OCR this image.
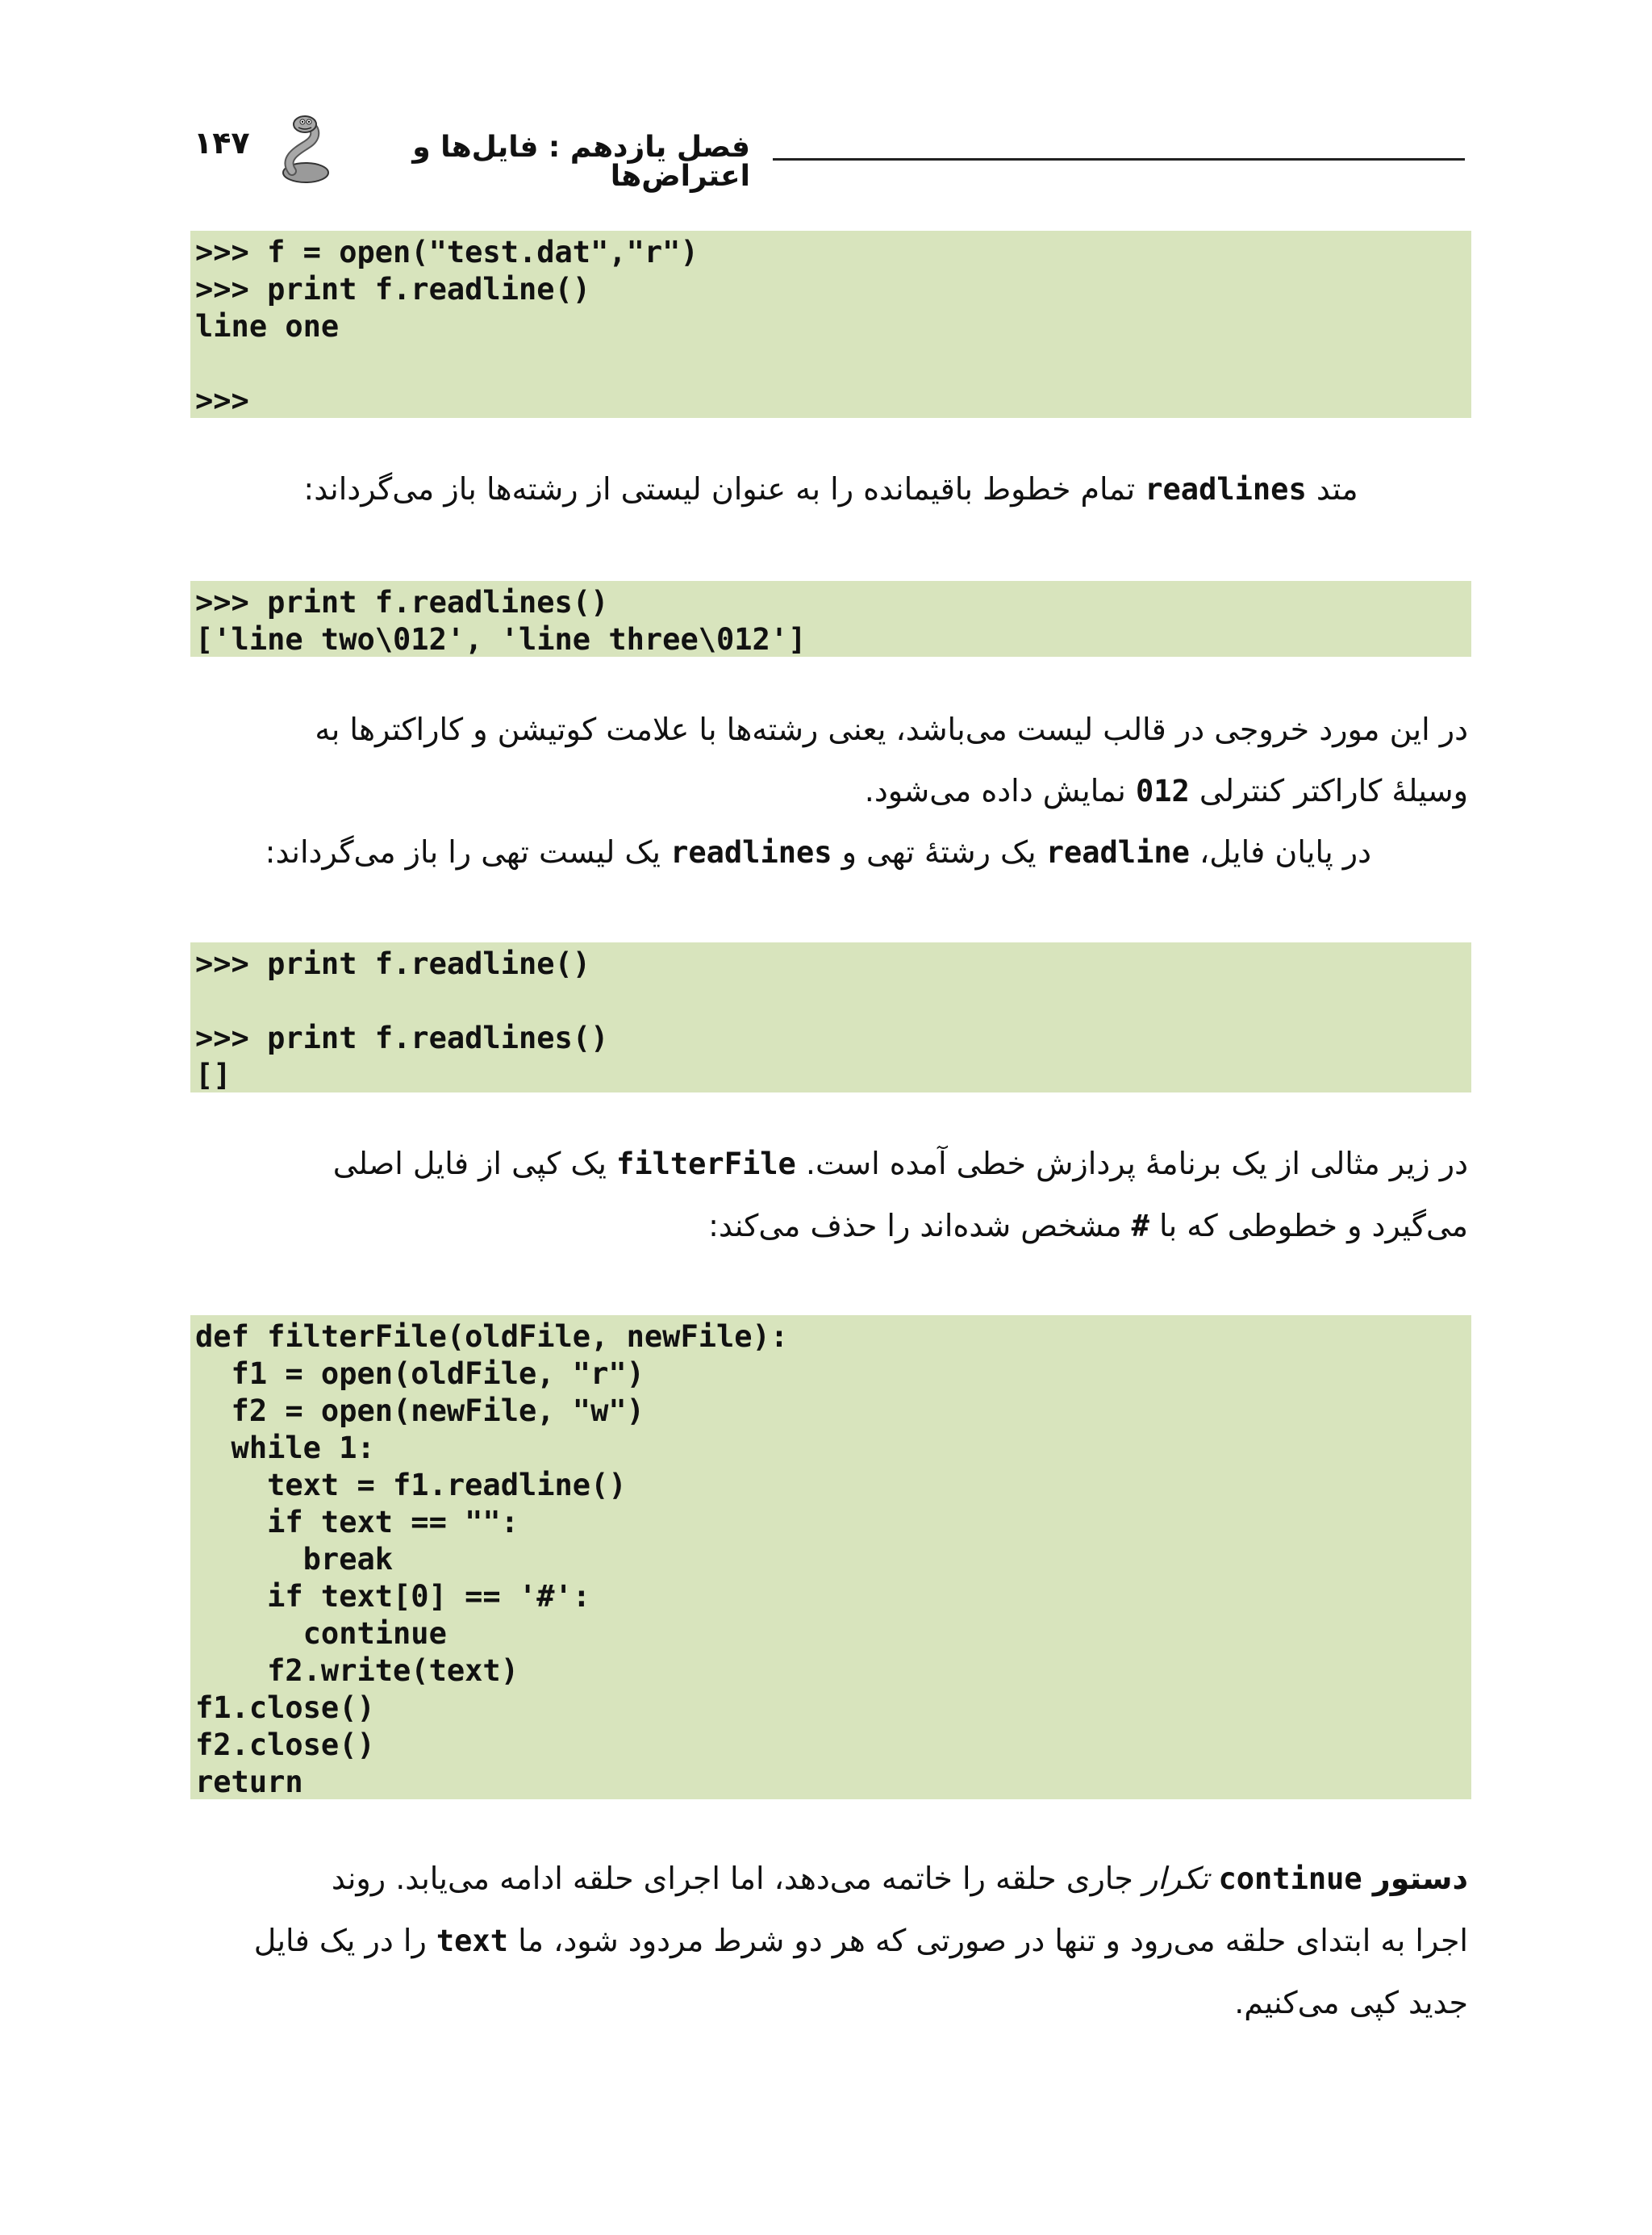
۱۴۷	فصل یازدهم : فایل‌ها و اعتراض‌ها
>>> f = open("test.dat","r")
>>> print f.readline()
line one

>>>
متد readlines تمام خطوط باقیمانده را به عنوان لیستی از رشته‌ها باز می‌گرداند:
>>> print f.readlines()
['line two\012', 'line three\012']
در این مورد خروجی در قالب لیست می‌باشد، یعنی رشته‌ها با علامت کوتیشن و کاراکترها به
وسیلهٔ کاراکتر کنترلی 012 نمایش داده می‌شود.
در پایان فایل، readline یک رشتهٔ تهی و readlines یک لیست تهی را باز می‌گرداند:
>>> print f.readline()

>>> print f.readlines()
[]
در زیر مثالی از یک برنامهٔ پردازش خطی آمده است. filterFile یک کپی از فایل اصلی
می‌گیرد و خطوطی که با # مشخص شده‌اند را حذف می‌کند:
def filterFile(oldFile, newFile):
f1 = open(oldFile, "r")
f2 = open(newFile, "w")
while 1:
text = f1.readline()
if text == "":
break
if text[0] == '#':
continue
f2.write(text)
f1.close()
f2.close()
return
دستور continue تکرار جاری حلقه را خاتمه می‌دهد، اما اجرای حلقه ادامه می‌یابد. روند
اجرا به ابتدای حلقه می‌رود و تنها در صورتی که هر دو شرط مردود شود، ما text را در یک فایل
جدید کپی می‌کنیم.
